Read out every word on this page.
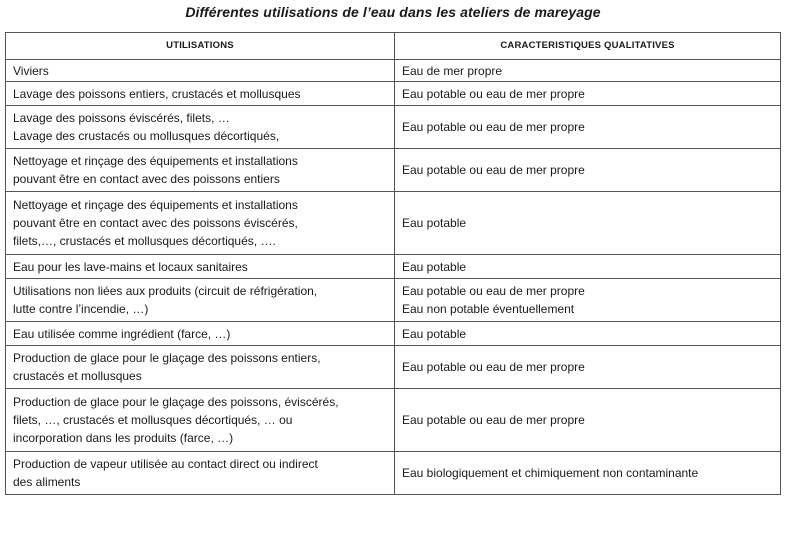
Différentes utilisations de l’eau dans les ateliers de mareyage
UTILISATIONS	CARACTERISTIQUES QUALITATIVES

Viviers	Eau de mer propre

Lavage des poissons entiers, crustacés et mollusques	Eau potable ou eau de mer propre

Lavage des poissons éviscérés, filets, …
Lavage des crustacés ou mollusques décortiqués,	Eau potable ou eau de mer propre

Nettoyage et rinçage des équipements et installations
pouvant être en contact avec des poissons entiers	Eau potable ou eau de mer propre

Nettoyage et rinçage des équipements et installations
pouvant être en contact avec des poissons éviscérés,
filets,…, crustacés et mollusques décortiqués, ….	Eau potable

Eau pour les lave-mains et locaux sanitaires	Eau potable

Utilisations non liées aux produits (circuit de réfrigération,
lutte contre l’incendie, …)	Eau potable ou eau de mer propre
Eau non potable éventuellement

Eau utilisée comme ingrédient (farce, …)	Eau potable

Production de glace pour le glaçage des poissons entiers,
crustacés et mollusques	Eau potable ou eau de mer propre

Production de glace pour le glaçage des poissons, éviscérés,
filets, …, crustacés et mollusques décortiqués, … ou
incorporation dans les produits (farce, …)	Eau potable ou eau de mer propre

Production de vapeur utilisée au contact direct ou indirect
des aliments	Eau biologiquement et chimiquement non contaminante
